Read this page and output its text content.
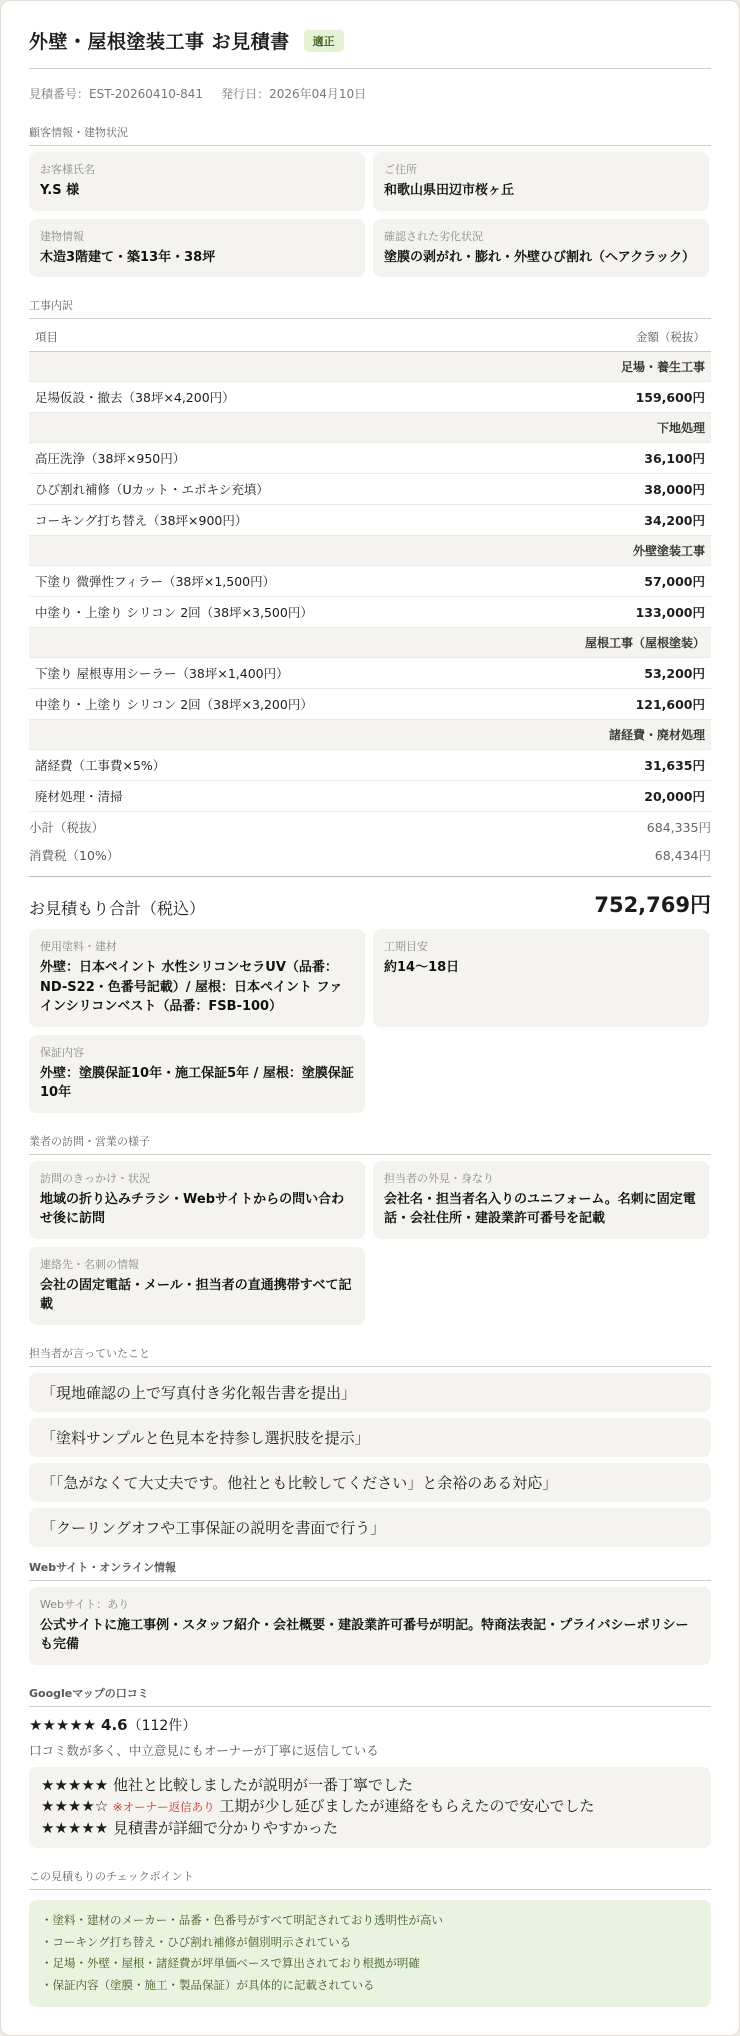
外壁・屋根塗装工事 お見積書	適正
見積番号：EST-20260410-841 発行日：2026年04月10日
顧客情報・建物状況
お客様氏名
Y.S 様
ご住所
和歌山県田辺市桜ヶ丘
建物情報
木造3階建て・築13年・38坪
確認された劣化状況
塗膜の剥がれ・膨れ・外壁ひび割れ（ヘアクラック）
工事内訳
項目	金額（税抜）
足場・養生工事	
足場仮設・撤去（38坪×4,200円）	159,600円
下地処理	
高圧洗浄（38坪×950円）	36,100円
ひび割れ補修（Uカット・エポキシ充填）	38,000円
コーキング打ち替え（38坪×900円）	34,200円
外壁塗装工事	
下塗り 微弾性フィラー（38坪×1,500円）	57,000円
中塗り・上塗り シリコン 2回（38坪×3,500円）	133,000円
屋根工事（屋根塗装）	
下塗り 屋根専用シーラー（38坪×1,400円）	53,200円
中塗り・上塗り シリコン 2回（38坪×3,200円）	121,600円
諸経費・廃材処理	
諸経費（工事費×5%）	31,635円
廃材処理・清掃	20,000円
小計（税抜）	684,335円
消費税（10%）	68,434円
お見積もり合計（税込）	752,769円
使用塗料・建材
外壁：日本ペイント 水性シリコンセラUV（品番：ND-S22・色番号記載）/ 屋根：日本ペイント ファインシリコンベスト（品番：FSB-100）
工期目安
約14〜18日
保証内容
外壁：塗膜保証10年・施工保証5年 / 屋根：塗膜保証10年
業者の訪問・営業の様子
訪問のきっかけ・状況
地域の折り込みチラシ・Webサイトからの問い合わせ後に訪問
担当者の外見・身なり
会社名・担当者名入りのユニフォーム。名刺に固定電話・会社住所・建設業許可番号を記載
連絡先・名刺の情報
会社の固定電話・メール・担当者の直通携帯すべて記載
担当者が言っていたこと
「現地確認の上で写真付き劣化報告書を提出」
「塗料サンプルと色見本を持参し選択肢を提示」
「「急がなくて大丈夫です。他社とも比較してください」と余裕のある対応」
「クーリングオフや工事保証の説明を書面で行う」
Webサイト・オンライン情報
Webサイト：あり
公式サイトに施工事例・スタッフ紹介・会社概要・建設業許可番号が明記。特商法表記・プライバシーポリシーも完備
Googleマップの口コミ
★★★★★ 4.6（112件）
口コミ数が多く、中立意見にもオーナーが丁寧に返信している
★★★★★ 他社と比較しましたが説明が一番丁寧でした
★★★★☆ ※オーナー返信あり 工期が少し延びましたが連絡をもらえたので安心でした
★★★★★ 見積書が詳細で分かりやすかった
この見積もりのチェックポイント
・塗料・建材のメーカー・品番・色番号がすべて明記されており透明性が高い
・コーキング打ち替え・ひび割れ補修が個別明示されている
・足場・外壁・屋根・諸経費が坪単価ベースで算出されており根拠が明確
・保証内容（塗膜・施工・製品保証）が具体的に記載されている
